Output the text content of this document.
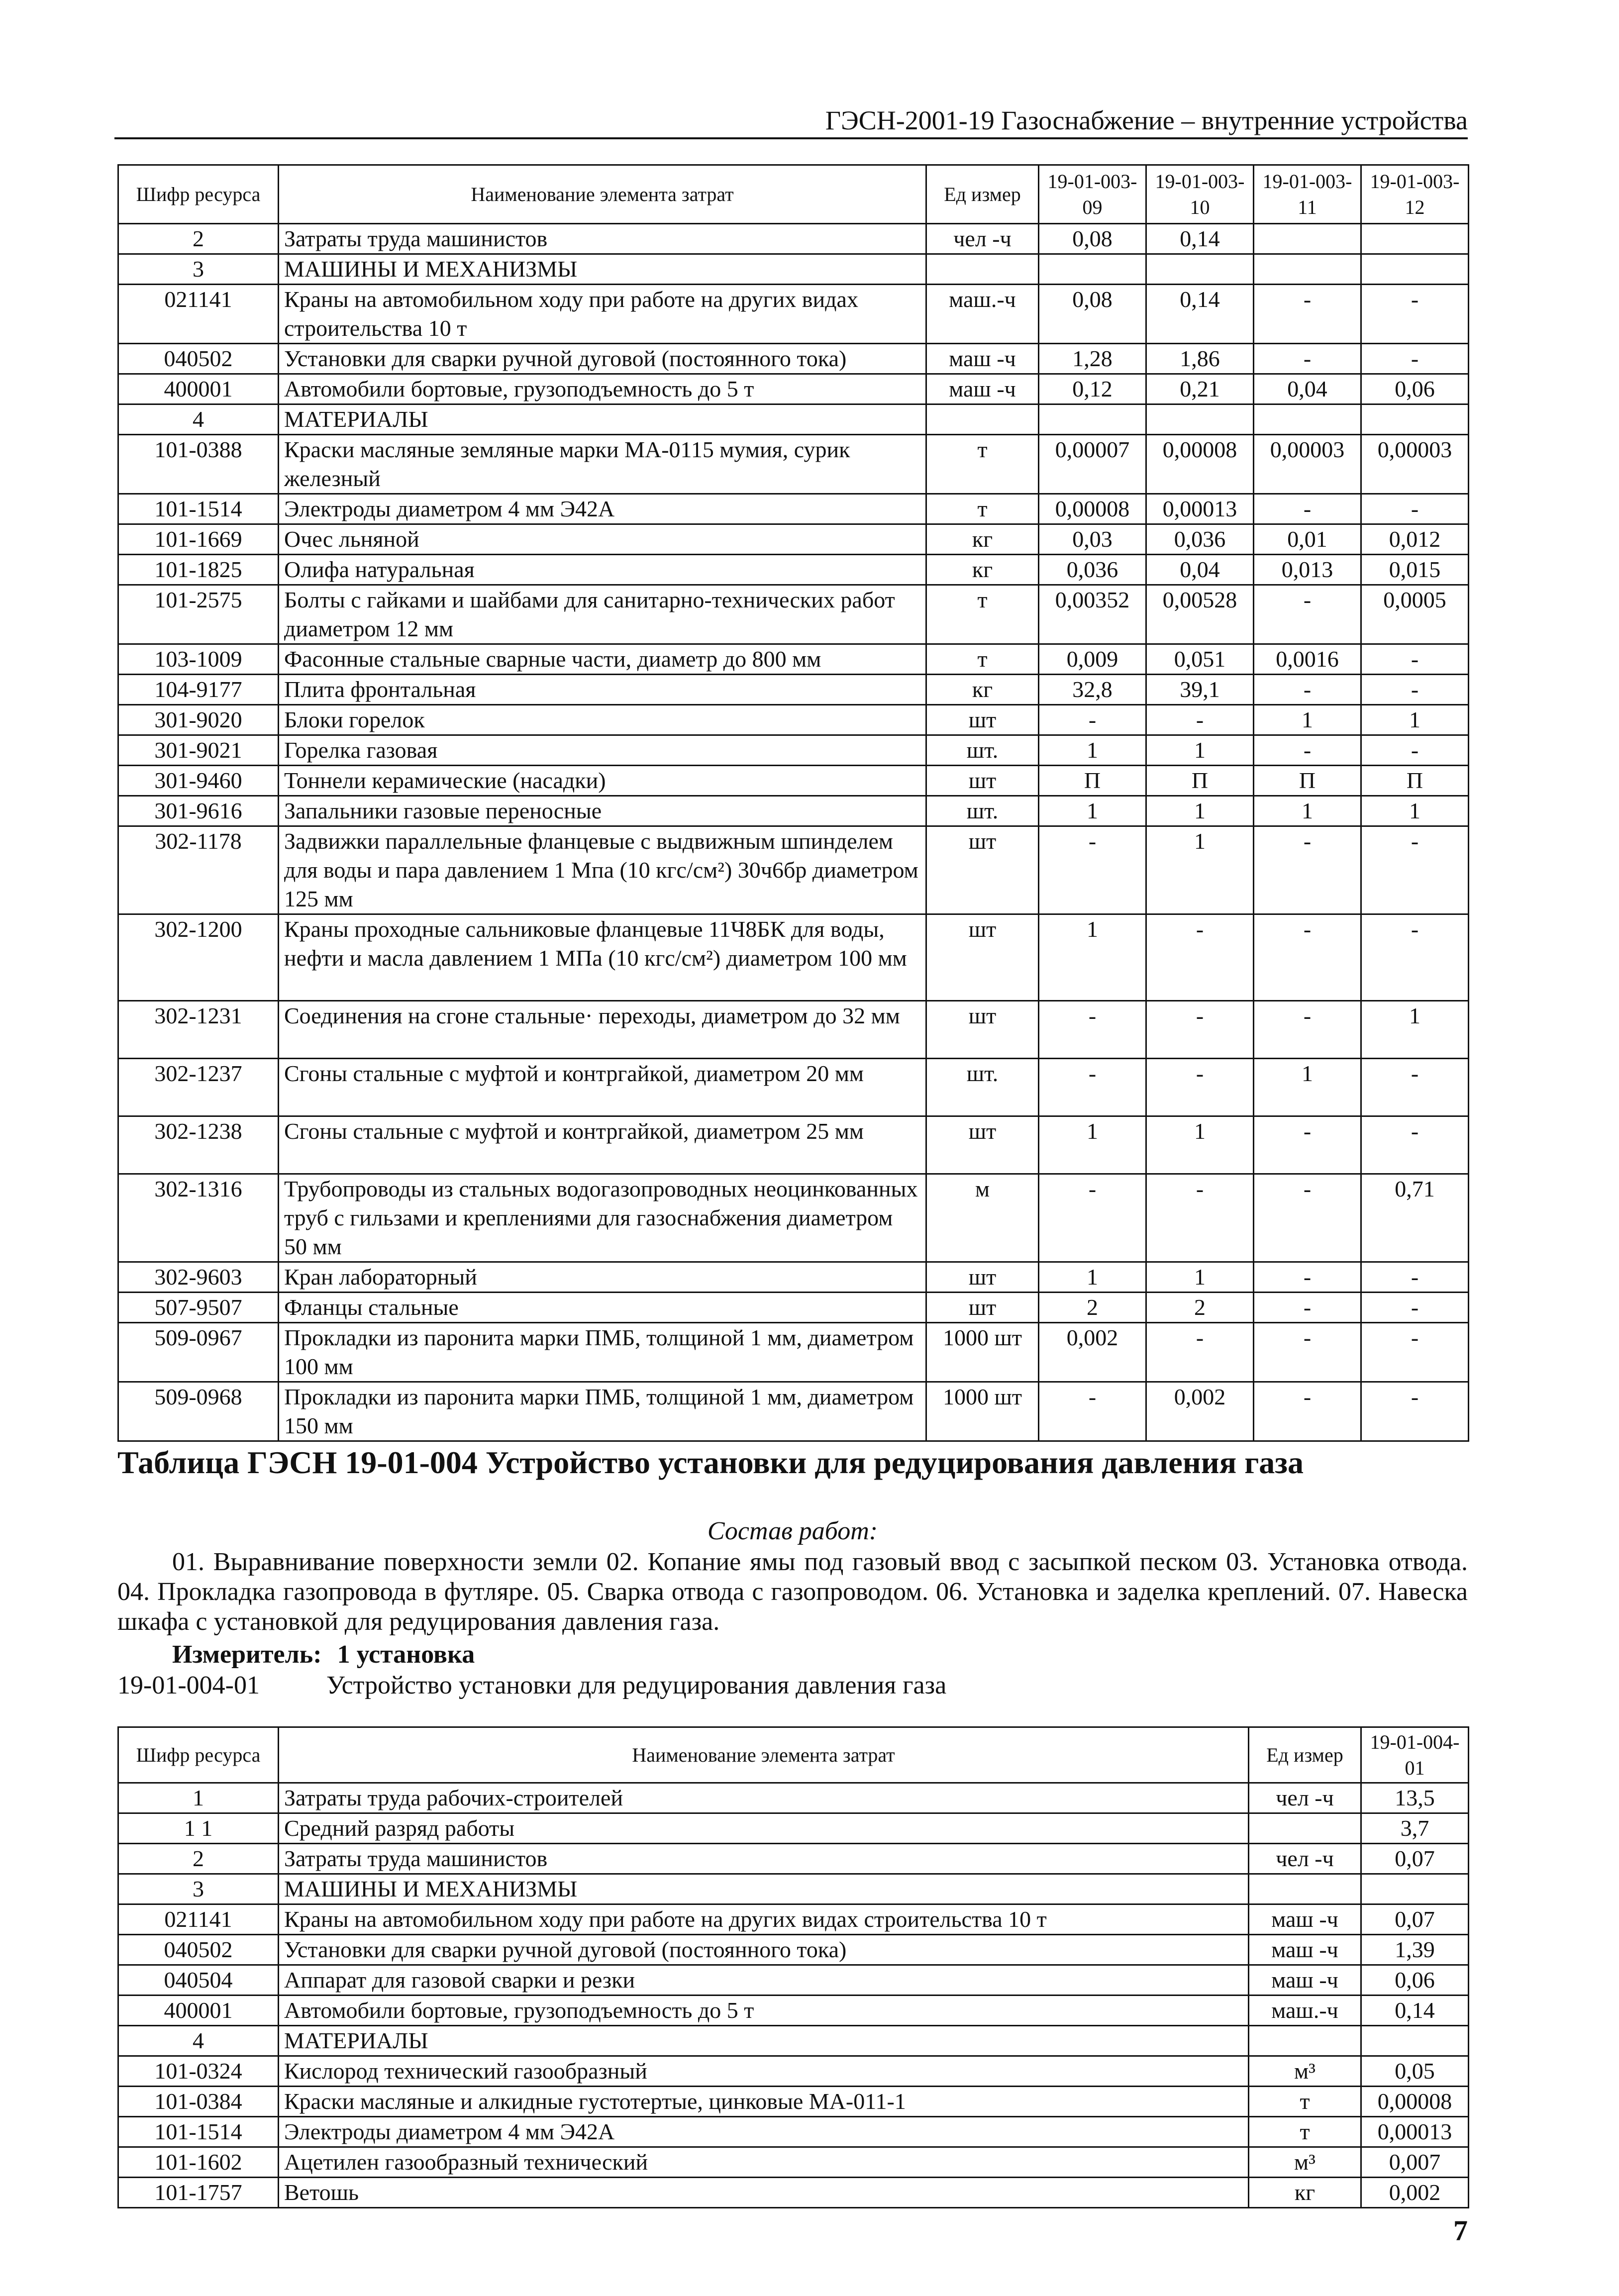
ГЭСН-2001-19 Газоснабжение – внутренние устройства
Шифр ресурса	Наименование элемента затрат	Ед измер	19-01-003-09	19-01-003-10	19-01-003-11	19-01-003-12
2	Затраты труда машинистов	чел -ч	0,08	0,14		
3	МАШИНЫ И МЕХАНИЗМЫ					
021141	Краны на автомобильном ходу при работе на других видах строительства 10 т	маш.-ч	0,08	0,14	-	-
040502	Установки для сварки ручной дуговой (постоянного тока)	маш -ч	1,28	1,86	-	-
400001	Автомобили бортовые, грузоподъемность до 5 т	маш -ч	0,12	0,21	0,04	0,06
4	МАТЕРИАЛЫ					
101-0388	Краски масляные земляные марки МА-0115 мумия, сурик железный	т	0,00007	0,00008	0,00003	0,00003
101-1514	Электроды диаметром 4 мм Э42А	т	0,00008	0,00013	-	-
101-1669	Очес льняной	кг	0,03	0,036	0,01	0,012
101-1825	Олифа натуральная	кг	0,036	0,04	0,013	0,015
101-2575	Болты с гайками и шайбами для санитарно-технических работ диаметром 12 мм	т	0,00352	0,00528	-	0,0005
103-1009	Фасонные стальные сварные части, диаметр до 800 мм	т	0,009	0,051	0,0016	-
104-9177	Плита фронтальная	кг	32,8	39,1	-	-
301-9020	Блоки горелок	шт	-	-	1	1
301-9021	Горелка газовая	шт.	1	1	-	-
301-9460	Тоннели керамические (насадки)	шт	П	П	П	П
301-9616	Запальники газовые переносные	шт.	1	1	1	1
302-1178	Задвижки параллельные фланцевые с выдвижным шпинделем для воды и пара давлением 1 Мпа (10 кгс/см²) 30ч6бр диаметром 125 мм	шт	-	1	-	-
302-1200	Краны проходные сальниковые фланцевые 11Ч8БК для воды, нефти и масла давлением 1 МПа (10 кгс/см²) диаметром 100 мм	шт	1	-	-	-
302-1231	Соединения на сгоне стальные· переходы, диаметром до 32 мм	шт	-	-	-	1
302-1237	Сгоны стальные с муфтой и контргайкой, диаметром 20 мм	шт.	-	-	1	-
302-1238	Сгоны стальные с муфтой и контргайкой, диаметром 25 мм	шт	1	1	-	-
302-1316	Трубопроводы из стальных водогазопроводных неоцинкованных труб с гильзами и креплениями для газоснабжения диаметром 50 мм	м	-	-	-	0,71
302-9603	Кран лабораторный	шт	1	1	-	-
507-9507	Фланцы стальные	шт	2	2	-	-
509-0967	Прокладки из паронита марки ПМБ, толщиной 1 мм, диаметром 100 мм	1000 шт	0,002	-	-	-
509-0968	Прокладки из паронита марки ПМБ, толщиной 1 мм, диаметром 150 мм	1000 шт	-	0,002	-	-
Таблица ГЭСН 19-01-004 Устройство установки для редуцирования давления газа
Состав работ:
01. Выравнивание поверхности земли 02. Копание ямы под газовый ввод с засыпкой песком 03. Установка отвода. 04. Прокладка газопровода в футляре. 05. Сварка отвода с газопроводом. 06. Установка и заделка креплений. 07. Навеска шкафа с установкой для редуцирования давления газа.
Измеритель: 1 установка
19-01-004-01	Устройство установки для редуцирования давления газа
Шифр ресурса	Наименование элемента затрат	Ед измер	19-01-004-01
1	Затраты труда рабочих-строителей	чел -ч	13,5
1 1	Средний разряд работы		3,7
2	Затраты труда машинистов	чел -ч	0,07
3	МАШИНЫ И МЕХАНИЗМЫ		
021141	Краны на автомобильном ходу при работе на других видах строительства 10 т	маш -ч	0,07
040502	Установки для сварки ручной дуговой (постоянного тока)	маш -ч	1,39
040504	Аппарат для газовой сварки и резки	маш -ч	0,06
400001	Автомобили бортовые, грузоподъемность до 5 т	маш.-ч	0,14
4	МАТЕРИАЛЫ		
101-0324	Кислород технический газообразный	м³	0,05
101-0384	Краски масляные и алкидные густотертые, цинковые МА-011-1	т	0,00008
101-1514	Электроды диаметром 4 мм Э42А	т	0,00013
101-1602	Ацетилен газообразный технический	м³	0,007
101-1757	Ветошь	кг	0,002
7
